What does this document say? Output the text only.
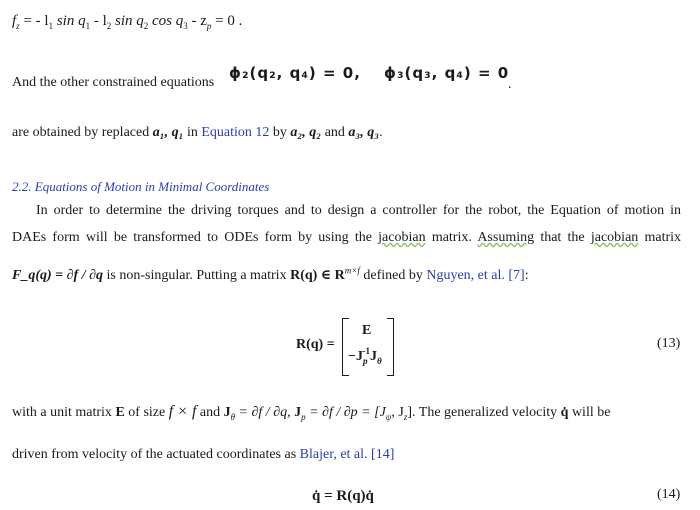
$f_z$ = - $l_1$ $\sin q_1 - l_2$ $\sin q_2$ $\cos q_3 - z_p = 0$ .
And the other constrained equations
ϕ₂(q₂, q₄) = 0, ϕ₃(q₃, q₄) = 0
.
are obtained by replaced a₁, q₁ in Equation 12 by a₂, q₂ and a₃, q₃.
2.2. Equations of Motion in Minimal Coordinates
In order to determine the driving torques and to design a controller for the robot, the Equation of motion in
DAEs form will be transformed to ODEs form by using the jacobian matrix. Assuming that the jacobian matrix
F_q(q) = ∂f / ∂q is non-singular. Putting a matrix R(q) ∈ $R^{m\times f}$ defined by Nguyen, et al. [7]:
R(q) =
E
$-J_p^{-1}J_\theta$
(13)
with a unit matrix E of size f × f and $J_\theta = \partial f / \partial q$, $J_p = \partial f / \partial p = [J_\psi$, $J_z$]. The generalized velocity q̇ will be
driven from velocity of the actuated coordinates as Blajer, et al. [14]
q̇ = R(q)q̇	(14)
